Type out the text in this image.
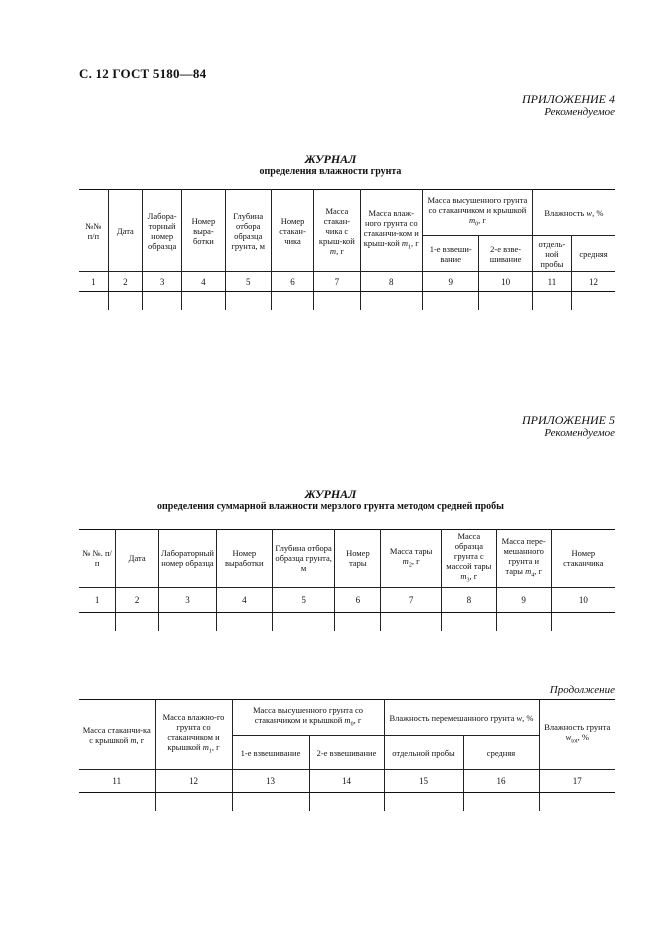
С. 12 ГОСТ 5180—84
ПРИЛОЖЕНИЕ 4
Рекомендуемое
ЖУРНАЛ
определения влажности грунта
№№ п/п	Дата	Лабора-торный номер образца	Номер выра-ботки	Глубина отбора образца грунта, м	Номер стакан-чика	Масса стакан-чика с крыш-кой m, г	Масса влаж-ного грунта со стаканчи-ком и крыш-кой $m_1$, г	Масса высушенного грунта со стаканчиком и крышкой $m_0$, г		Влажность w, %	
								1-е взвеши-вание	2-е взве-шивание	отдель-ной пробы	средняя
1	2	3	4	5	6	7	8	9	10	11	12

ПРИЛОЖЕНИЕ 5
Рекомендуемое
ЖУРНАЛ
определения суммарной влажности мерзлого грунта методом средней пробы
№ №. п/п	Дата	Лабораторный номер образца	Номер выработки	Глубина отбора образца грунта, м	Номер тары	Масса тары $m_2$, г	Масса образца грунта с массой тары $m_3$, г	Масса пере-мешанного грунта и тары $m_4$, г	Номер стаканчика
1	2	3	4	5	6	7	8	9	10

Продолжение
Масса стаканчи-ка с крышкой m, г	Масса влажно-го грунта со стаканчиком и крышкой $m_1$, г	Масса высушенного грунта со стаканчиком и крышкой $m_0$, г		Влажность перемешанного грунта w, %		Влажность грунта $w_{tot}$, %
		1-е взвешивание	2-е взвешивание	отдельной пробы	средняя	
11	12	13	14	15	16	17
